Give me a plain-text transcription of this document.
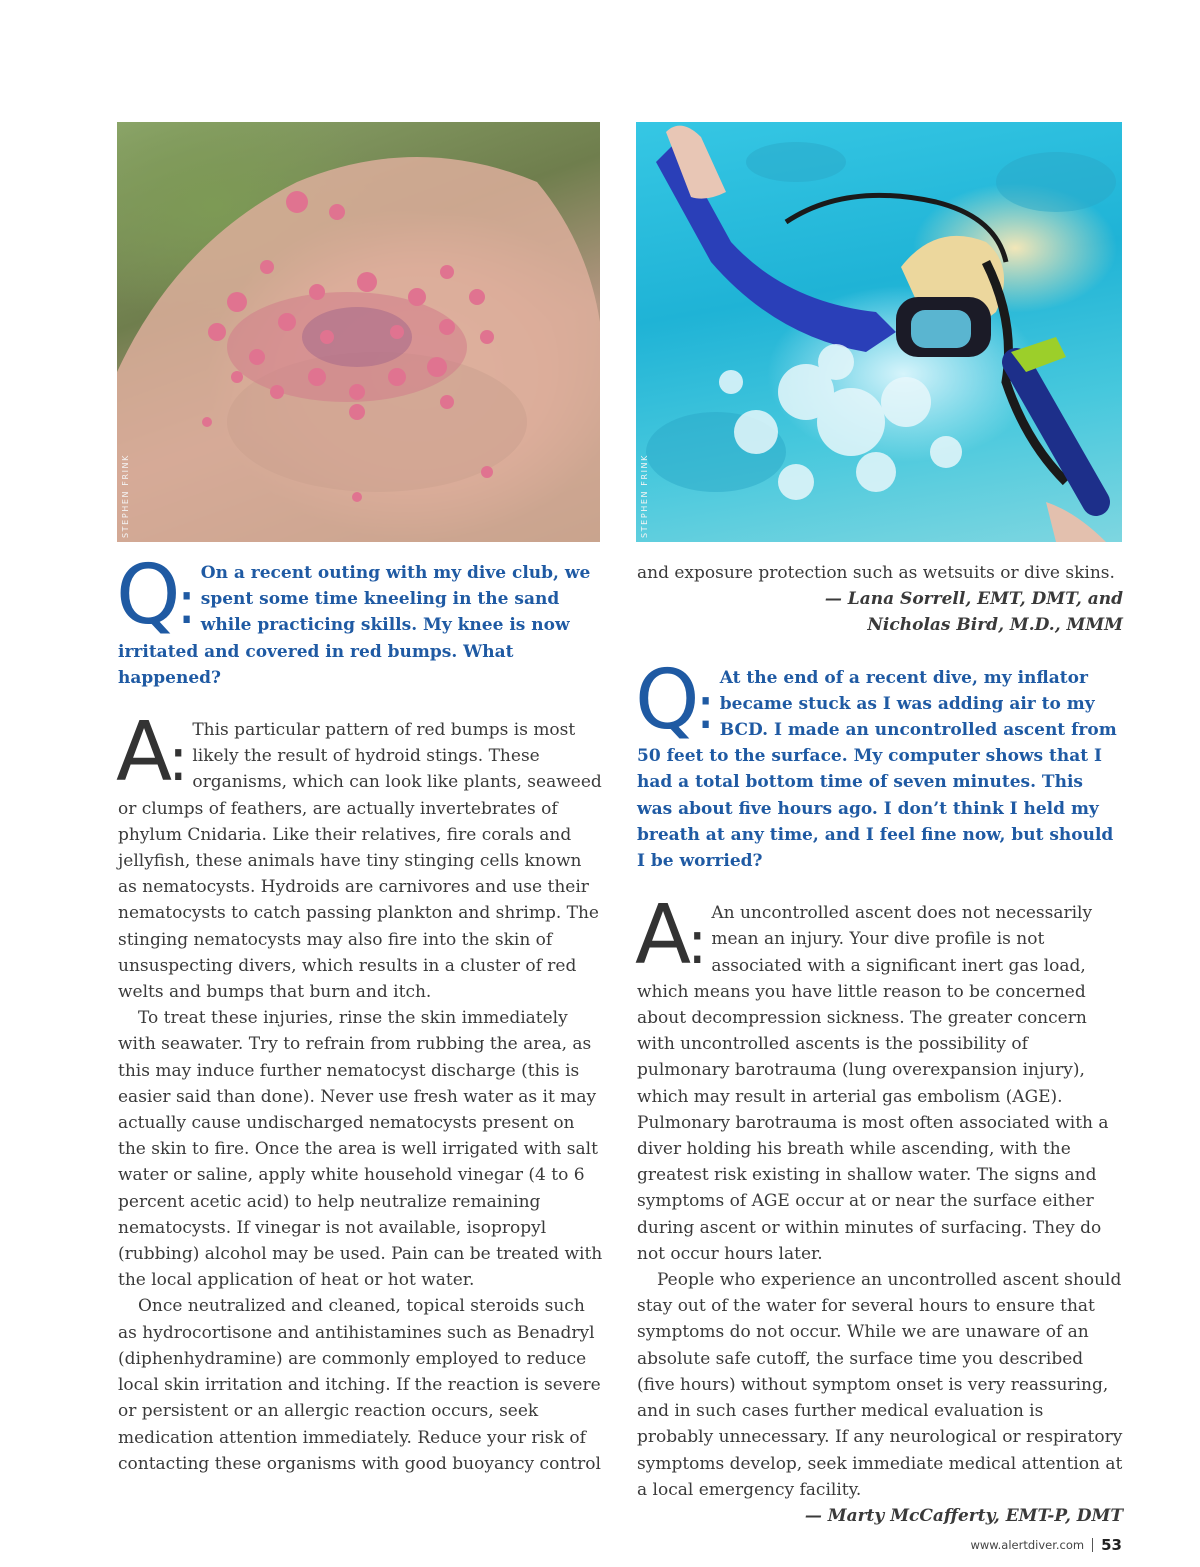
STEPHEN FRINK	STEPHEN FRINK

Q: On a recent outing with my dive club, we spent some time kneeling in the sand while practicing skills. My knee is now irritated and covered in red bumps. What happened?

A: This particular pattern of red bumps is most likely the result of hydroid stings. These organisms, which can look like plants, seaweed or clumps of feathers, are actually invertebrates of phylum Cnidaria. Like their relatives, fire corals and jellyfish, these animals have tiny stinging cells known as nematocysts. Hydroids are carnivores and use their nematocysts to catch passing plankton and shrimp. The stinging nematocysts may also fire into the skin of unsuspecting divers, which results in a cluster of red welts and bumps that burn and itch.

To treat these injuries, rinse the skin immediately with seawater. Try to refrain from rubbing the area, as this may induce further nematocyst discharge (this is easier said than done). Never use fresh water as it may actually cause undischarged nematocysts present on the skin to fire. Once the area is well irrigated with salt water or saline, apply white household vinegar (4 to 6 percent acetic acid) to help neutralize remaining nematocysts. If vinegar is not available, isopropyl (rubbing) alcohol may be used. Pain can be treated with the local application of heat or hot water.

Once neutralized and cleaned, topical steroids such as hydrocortisone and antihistamines such as Benadryl (diphenhydramine) are commonly employed to reduce local skin irritation and itching. If the reaction is severe or persistent or an allergic reaction occurs, seek medication attention immediately. Reduce your risk of contacting these organisms with good buoyancy control

and exposure protection such as wetsuits or dive skins.

— Lana Sorrell, EMT, DMT, and

Nicholas Bird, M.D., MMM

Q: At the end of a recent dive, my inflator became stuck as I was adding air to my BCD. I made an uncontrolled ascent from 50 feet to the surface. My computer shows that I had a total bottom time of seven minutes. This was about five hours ago. I don’t think I held my breath at any time, and I feel fine now, but should I be worried?

A: An uncontrolled ascent does not necessarily mean an injury. Your dive profile is not associated with a significant inert gas load, which means you have little reason to be concerned about decompression sickness. The greater concern with uncontrolled ascents is the possibility of pulmonary barotrauma (lung overexpansion injury), which may result in arterial gas embolism (AGE). Pulmonary barotrauma is most often associated with a diver holding his breath while ascending, with the greatest risk existing in shallow water. The signs and symptoms of AGE occur at or near the surface either during ascent or within minutes of surfacing. They do not occur hours later.

People who experience an uncontrolled ascent should stay out of the water for several hours to ensure that symptoms do not occur. While we are unaware of an absolute safe cutoff, the surface time you described (five hours) without symptom onset is very reassuring, and in such cases further medical evaluation is probably unnecessary. If any neurological or respiratory symptoms develop, seek immediate medical attention at a local emergency facility.

— Marty McCafferty, EMT-P, DMT

www.alertdiver.com 53
